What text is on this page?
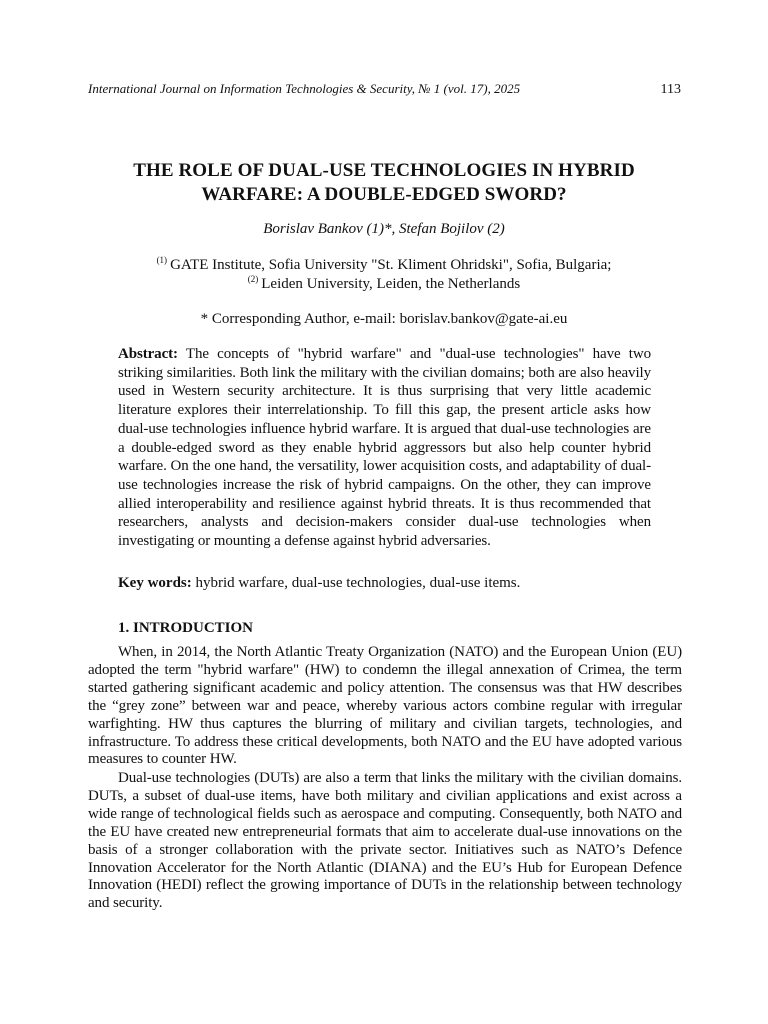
International Journal on Information Technologies & Security, № 1 (vol. 17), 2025	113

THE ROLE OF DUAL-USE TECHNOLOGIES IN HYBRID
WARFARE: A DOUBLE-EDGED SWORD?

Borislav Bankov (1)*, Stefan Bojilov (2)

$^{(1)}$ GATE Institute, Sofia University "St. Kliment Ohridski", Sofia, Bulgaria;
$^{(2)}$ Leiden University, Leiden, the Netherlands

* Corresponding Author, e-mail: borislav.bankov@gate-ai.eu

Abstract: The concepts of "hybrid warfare" and "dual-use technologies" have two striking similarities. Both link the military with the civilian domains; both are also heavily used in Western security architecture. It is thus surprising that very little academic literature explores their interrelationship. To fill this gap, the present article asks how dual-use technologies influence hybrid warfare. It is argued that dual-use technologies are a double-edged sword as they enable hybrid aggressors but also help counter hybrid warfare. On the one hand, the versatility, lower acquisition costs, and adaptability of dual-use technologies increase the risk of hybrid campaigns. On the other, they can improve allied interoperability and resilience against hybrid threats. It is thus recommended that researchers, analysts and decision-makers consider dual-use technologies when investigating or mounting a defense against hybrid adversaries.

Key words: hybrid warfare, dual-use technologies, dual-use items.

1. INTRODUCTION

When, in 2014, the North Atlantic Treaty Organization (NATO) and the European Union (EU) adopted the term "hybrid warfare" (HW) to condemn the illegal annexation of Crimea, the term started gathering significant academic and policy attention. The consensus was that HW describes the “grey zone” between war and peace, whereby various actors combine regular with irregular warfighting. HW thus captures the blurring of military and civilian targets, technologies, and infrastructure. To address these critical developments, both NATO and the EU have adopted various measures to counter HW.

Dual-use technologies (DUTs) are also a term that links the military with the civilian domains. DUTs, a subset of dual-use items, have both military and civilian applications and exist across a wide range of technological fields such as aerospace and computing. Consequently, both NATO and the EU have created new entrepreneurial formats that aim to accelerate dual-use innovations on the basis of a stronger collaboration with the private sector. Initiatives such as NATO’s Defence Innovation Accelerator for the North Atlantic (DIANA) and the EU’s Hub for European Defence Innovation (HEDI) reflect the growing importance of DUTs in the relationship between technology and security.
